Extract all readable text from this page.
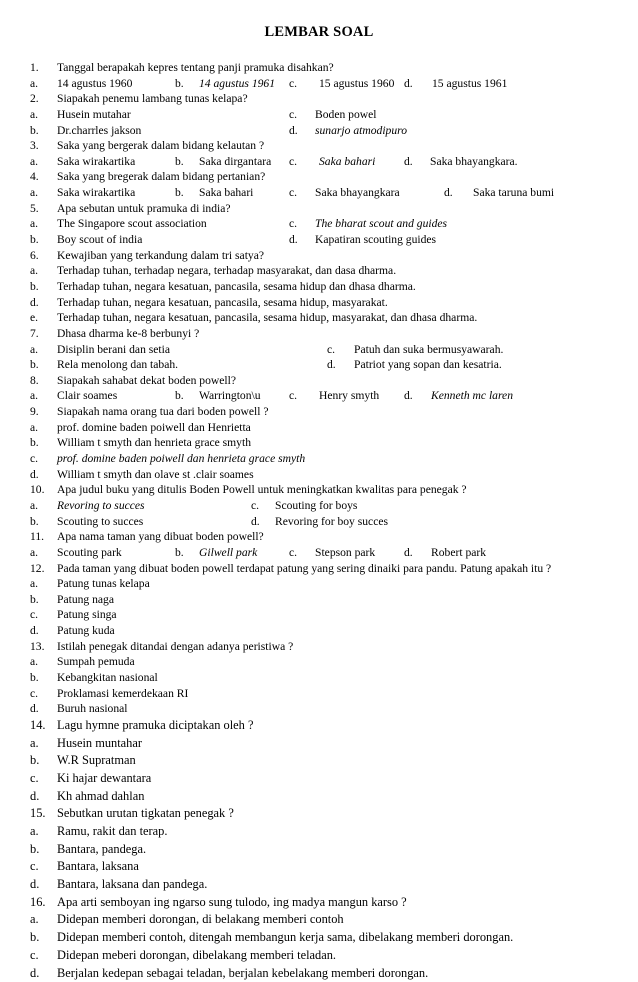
LEMBAR SOAL
1. Tanggal berapakah kepres tentang panji pramuka disahkan?
a. 14 agustus 1960	b. 14 agustus 1961 c. 15 agustus 1960 d. 15 agustus 1961
2. Siapakah penemu lambang tunas kelapa?
a. Husein mutahar	c. Boden powel
b. Dr.charrles jakson	d. sunarjo atmodipuro
3. Saka yang bergerak dalam bidang kelautan ?
a. Saka wirakartika	b. Saka dirgantara c. Saka bahari d. Saka bhayangkara.
4. Saka yang bregerak dalam bidang pertanian?
a. Saka wirakartika	b. Saka bahari	c. Saka bhayangkara	d. Saka taruna bumi
5. Apa sebutan untuk pramuka di india?
a. The Singapore scout association	c. The bharat scout and guides
b. Boy scout of india	d. Kapatiran scouting guides
6. Kewajiban yang terkandung dalam tri satya?
a. Terhadap tuhan, terhadap negara, terhadap masyarakat, dan dasa dharma.
b. Terhadap tuhan, negara kesatuan, pancasila, sesama hidup dan dhasa dharma.
d. Terhadap tuhan, negara kesatuan, pancasila, sesama hidup, masyarakat.
e. Terhadap tuhan, negara kesatuan, pancasila, sesama hidup, masyarakat, dan dhasa dharma.
7. Dhasa dharma ke-8 berbunyi ?
a. Disiplin berani dan setia	c. Patuh dan suka bermusyawarah.
b. Rela menolong dan tabah.	d. Patriot yang sopan dan kesatria.
8. Siapakah sahabat dekat boden powell?
a. Clair soames	b. Warrington\u c. Henry smyth d. Kenneth mc laren
9. Siapakah nama orang tua dari boden powell ?
a. prof. domine baden poiwell dan Henrietta
b. William t smyth dan henrieta grace smyth
c. prof. domine baden poiwell dan henrieta grace smyth
d. William t smyth dan olave st .clair soames
10. Apa judul buku yang ditulis Boden Powell untuk meningkatkan kwalitas para penegak ?
a. Revoring to succes	c. Scouting for boys
b. Scouting to succes	d. Revoring for boy succes
11. Apa nama taman yang dibuat boden powell?
a. Scouting park	b. Gilwell park	c. Stepson park d. Robert park
12. Pada taman yang dibuat boden powell terdapat patung yang sering dinaiki para pandu. Patung apakah itu ?
a. Patung tunas kelapa
b. Patung naga
c. Patung singa
d. Patung kuda
13. Istilah penegak ditandai dengan adanya peristiwa ?
a. Sumpah pemuda
b. Kebangkitan nasional
c. Proklamasi kemerdekaan RI
d. Buruh nasional
14. Lagu hymne pramuka diciptakan oleh ?
a. Husein muntahar
b. W.R Supratman
c. Ki hajar dewantara
d. Kh ahmad dahlan
15. Sebutkan urutan tigkatan penegak ?
a. Ramu, rakit dan terap.
b. Bantara, pandega.
c. Bantara, laksana
d. Bantara, laksana dan pandega.
16. Apa arti semboyan ing ngarso sung tulodo, ing madya mangun karso ?
a. Didepan memberi dorongan, di belakang memberi contoh
b. Didepan memberi contoh, ditengah membangun kerja sama, dibelakang memberi dorongan.
c. Didepan meberi dorongan, dibelakang memberi teladan.
d. Berjalan kedepan sebagai teladan, berjalan kebelakang memberi dorongan.
